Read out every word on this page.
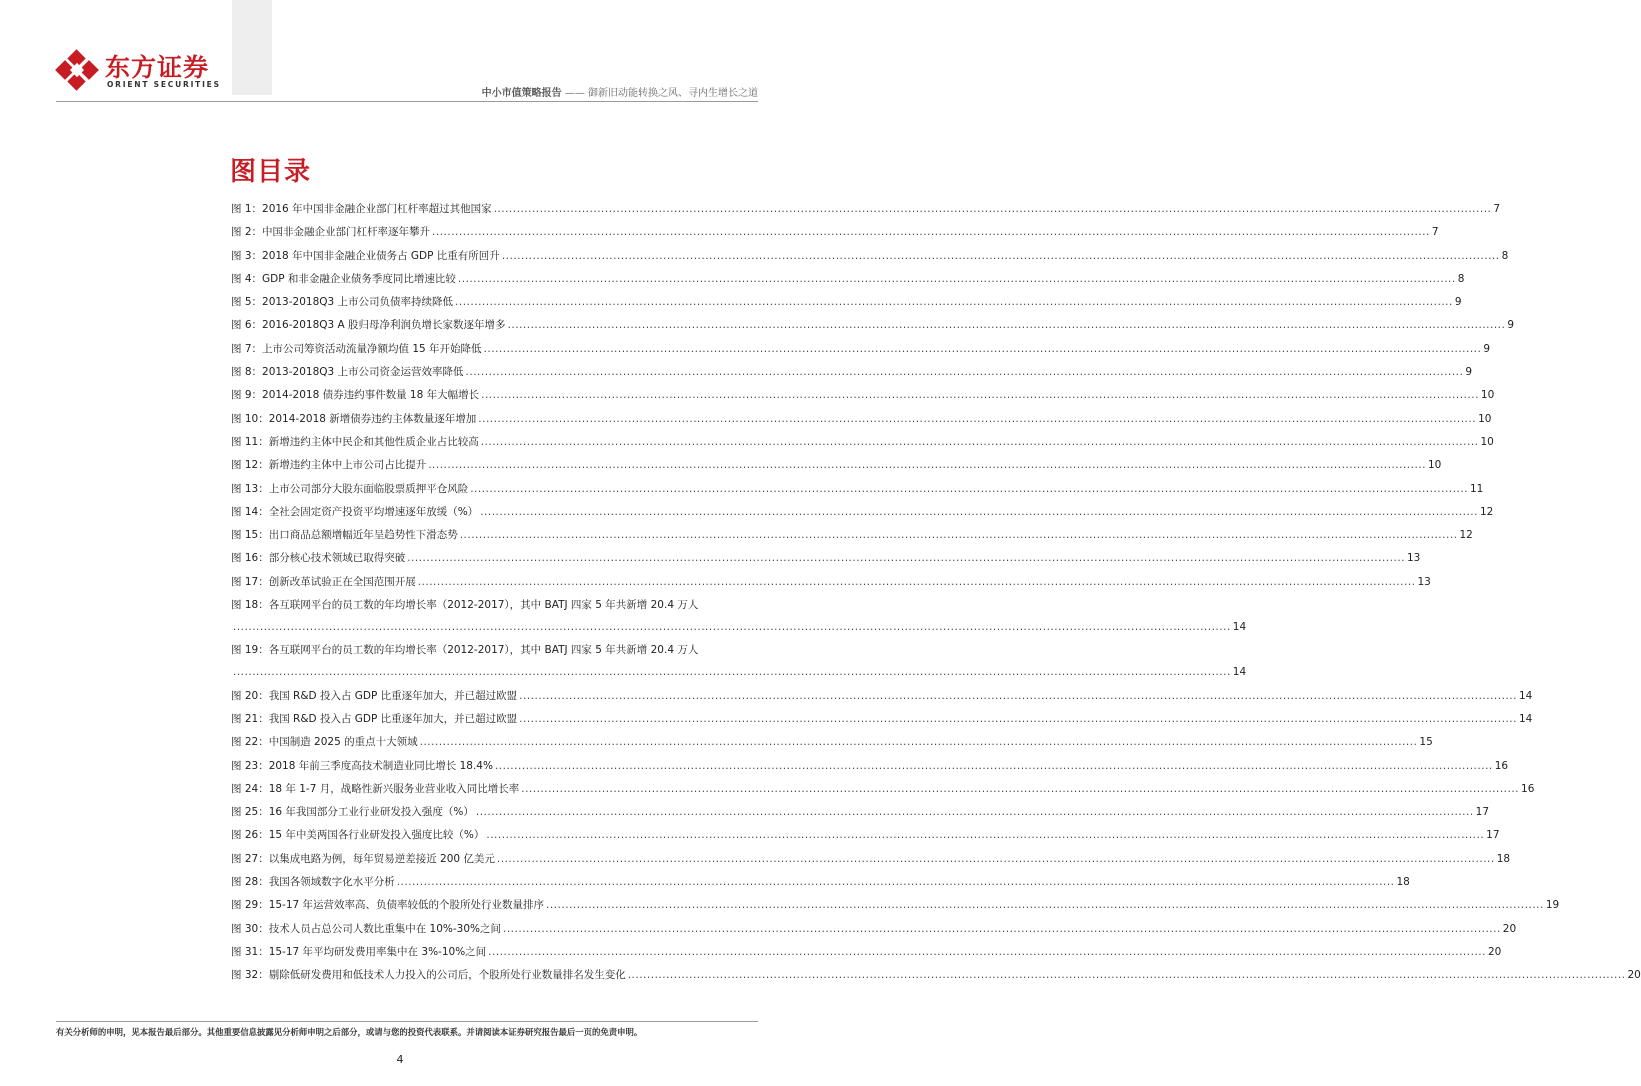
东方证券
ORIENT SECURITIES
中小市值策略报告 —— 御新旧动能转换之风、寻内生增长之道
图目录
图 1：2016 年中国非金融企业部门杠杆率超过其他国家 .................................................................................................................................................................................................................................................................... 7
图 2：中国非金融企业部门杠杆率逐年攀升 .................................................................................................................................................................................................................................................................... 7
图 3：2018 年中国非金融企业债务占 GDP 比重有所回升 .................................................................................................................................................................................................................................................................... 8
图 4：GDP 和非金融企业债务季度同比增速比较 .................................................................................................................................................................................................................................................................... 8
图 5：2013-2018Q3 上市公司负债率持续降低 .................................................................................................................................................................................................................................................................... 9
图 6：2016-2018Q3 A 股归母净利润负增长家数逐年增多 .................................................................................................................................................................................................................................................................... 9
图 7：上市公司筹资活动流量净额均值 15 年开始降低 .................................................................................................................................................................................................................................................................... 9
图 8：2013-2018Q3 上市公司资金运营效率降低 .................................................................................................................................................................................................................................................................... 9
图 9：2014-2018 债券违约事件数量 18 年大幅增长 .................................................................................................................................................................................................................................................................... 10
图 10：2014-2018 新增债券违约主体数量逐年增加 .................................................................................................................................................................................................................................................................... 10
图 11：新增违约主体中民企和其他性质企业占比较高 .................................................................................................................................................................................................................................................................... 10
图 12：新增违约主体中上市公司占比提升 .................................................................................................................................................................................................................................................................... 10
图 13：上市公司部分大股东面临股票质押平仓风险 .................................................................................................................................................................................................................................................................... 11
图 14：全社会固定资产投资平均增速逐年放缓（%） .................................................................................................................................................................................................................................................................... 12
图 15：出口商品总额增幅近年呈趋势性下滑态势 .................................................................................................................................................................................................................................................................... 12
图 16：部分核心技术领域已取得突破 .................................................................................................................................................................................................................................................................... 13
图 17：创新改革试验正在全国范围开展 .................................................................................................................................................................................................................................................................... 13
图 18：各互联网平台的员工数的年均增长率（2012-2017），其中 BATJ 四家 5 年共新增 20.4 万人
.................................................................................................................................................................................................................................................................... 14
图 19：各互联网平台的员工数的年均增长率（2012-2017），其中 BATJ 四家 5 年共新增 20.4 万人
.................................................................................................................................................................................................................................................................... 14
图 20：我国 R&D 投入占 GDP 比重逐年加大，并已超过欧盟 .................................................................................................................................................................................................................................................................... 14
图 21：我国 R&D 投入占 GDP 比重逐年加大，并已超过欧盟 .................................................................................................................................................................................................................................................................... 14
图 22：中国制造 2025 的重点十大领域 .................................................................................................................................................................................................................................................................... 15
图 23：2018 年前三季度高技术制造业同比增长 18.4% .................................................................................................................................................................................................................................................................... 16
图 24：18 年 1-7 月，战略性新兴服务业营业收入同比增长率 .................................................................................................................................................................................................................................................................... 16
图 25：16 年我国部分工业行业研发投入强度（%） .................................................................................................................................................................................................................................................................... 17
图 26：15 年中美两国各行业研发投入强度比较（%） .................................................................................................................................................................................................................................................................... 17
图 27：以集成电路为例，每年贸易逆差接近 200 亿美元 .................................................................................................................................................................................................................................................................... 18
图 28：我国各领域数字化水平分析 .................................................................................................................................................................................................................................................................... 18
图 29：15-17 年运营效率高、负债率较低的个股所处行业数量排序 .................................................................................................................................................................................................................................................................... 19
图 30：技术人员占总公司人数比重集中在 10%-30%之间 .................................................................................................................................................................................................................................................................... 20
图 31：15-17 年平均研发费用率集中在 3%-10%之间 .................................................................................................................................................................................................................................................................... 20
图 32：剔除低研发费用和低技术人力投入的公司后，个股所处行业数量排名发生变化 .................................................................................................................................................................................................................................................................... 20
有关分析师的申明，见本报告最后部分。其他重要信息披露见分析师申明之后部分，或请与您的投资代表联系。并请阅读本证券研究报告最后一页的免责申明。
4
